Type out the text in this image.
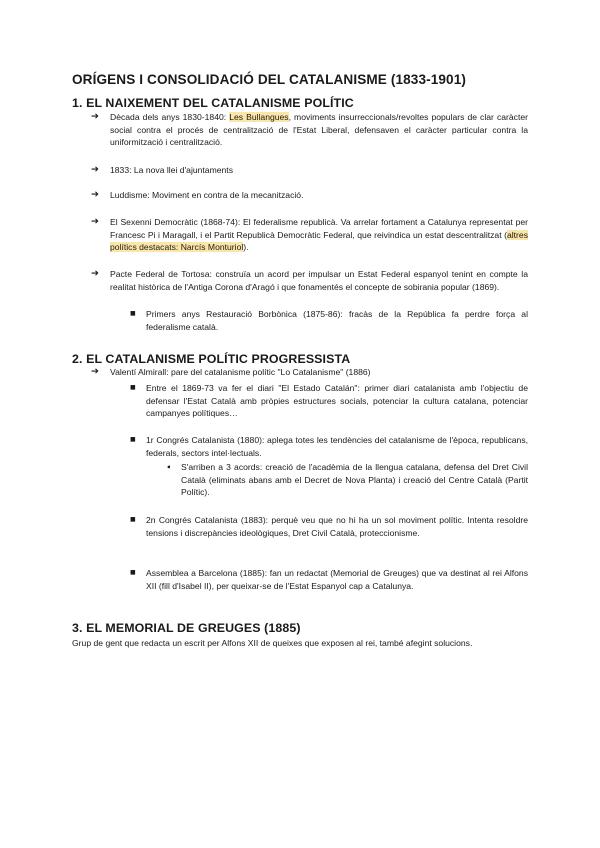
ORÍGENS I CONSOLIDACIÓ DEL CATALANISME (1833-1901)
1. EL NAIXEMENT DEL CATALANISME POLÍTIC
➔ Dècada dels anys 1830-1840: Les Bullangues, moviments insurreccionals/revoltes populars de clar caràcter social contra el procés de centralització de l'Estat Liberal, defensaven el caràcter particular contra la uniformització i centralització.

➔ 1833: La nova llei d'ajuntaments

➔ Luddisme: Moviment en contra de la mecanització.

➔ El Sexenni Democràtic (1868-74): El federalisme republicà. Va arrelar fortament a Catalunya representat per Francesc Pi i Maragall, i el Partit Republicà Democràtic Federal, que reivindica un estat descentralitzat (altres polítics destacats: Narcís Monturiol).

➔ Pacte Federal de Tortosa: construïa un acord per impulsar un Estat Federal espanyol tenint en compte la realitat històrica de l'Antiga Corona d'Aragó i que fonamentés el concepte de sobirania popular (1869).

■ Primers anys Restauració Borbònica (1875-86): fracàs de la República fa perdre força al federalisme català.

2. EL CATALANISME POLÍTIC PROGRESSISTA
➔ Valentí Almirall: pare del catalanisme polític "Lo Catalanisme" (1886)

■ Entre el 1869-73 va fer el diari "El Estado Catalán": primer diari catalanista amb l'objectiu de defensar l'Estat Català amb pròpies estructures socials, potenciar la cultura catalana, potenciar campanyes polítiques…

■ 1r Congrés Catalanista (1880): aplega totes les tendències del catalanisme de l'època, republicans, federals, sectors intel·lectuals.

➧ S'arriben a 3 acords: creació de l'acadèmia de la llengua catalana, defensa del Dret Civil Català (eliminats abans amb el Decret de Nova Planta) i creació del Centre Català (Partit Polític).

■ 2n Congrés Catalanista (1883): perquè veu que no hi ha un sol moviment polític. Intenta resoldre tensions i discrepàncies ideològiques, Dret Civil Català, proteccionisme.

■ Assemblea a Barcelona (1885): fan un redactat (Memorial de Greuges) que va destinat al rei Alfons XII (fill d'Isabel II), per queixar-se de l'Estat Espanyol cap a Catalunya.

3. EL MEMORIAL DE GREUGES (1885)

Grup de gent que redacta un escrit per Alfons XII de queixes que exposen al rei, també afegint solucions.
